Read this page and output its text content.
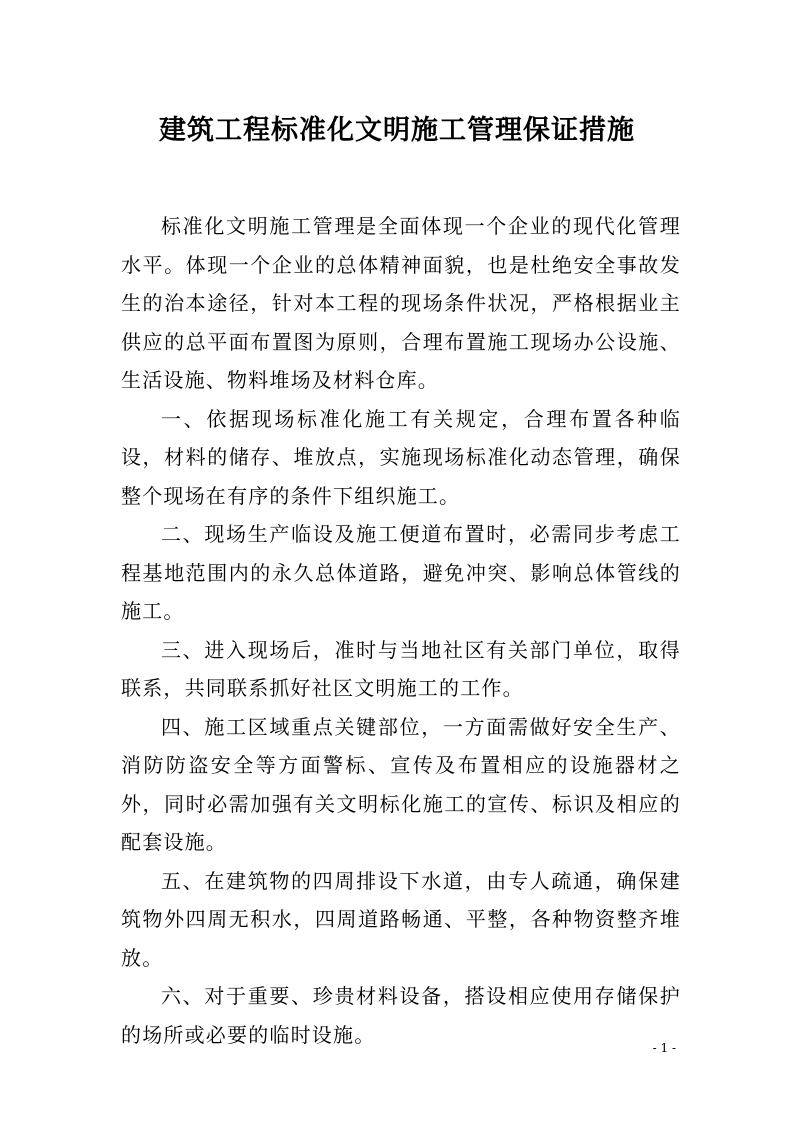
建筑工程标准化文明施工管理保证措施

标准化文明施工管理是全面体现一个企业的现代化管理水平。体现一个企业的总体精神面貌，也是杜绝安全事故发生的治本途径，针对本工程的现场条件状况，严格根据业主供应的总平面布置图为原则，合理布置施工现场办公设施、生活设施、物料堆场及材料仓库。

一、依据现场标准化施工有关规定，合理布置各种临设，材料的储存、堆放点，实施现场标准化动态管理，确保整个现场在有序的条件下组织施工。

二、现场生产临设及施工便道布置时，必需同步考虑工程基地范围内的永久总体道路，避免冲突、影响总体管线的施工。

三、进入现场后，准时与当地社区有关部门单位，取得联系，共同联系抓好社区文明施工的工作。

四、施工区域重点关键部位，一方面需做好安全生产、消防防盗安全等方面警标、宣传及布置相应的设施器材之外，同时必需加强有关文明标化施工的宣传、标识及相应的配套设施。

五、在建筑物的四周排设下水道，由专人疏通，确保建筑物外四周无积水，四周道路畅通、平整，各种物资整齐堆放。

六、对于重要、珍贵材料设备，搭设相应使用存储保护的场所或必要的临时设施。

- 1 -
